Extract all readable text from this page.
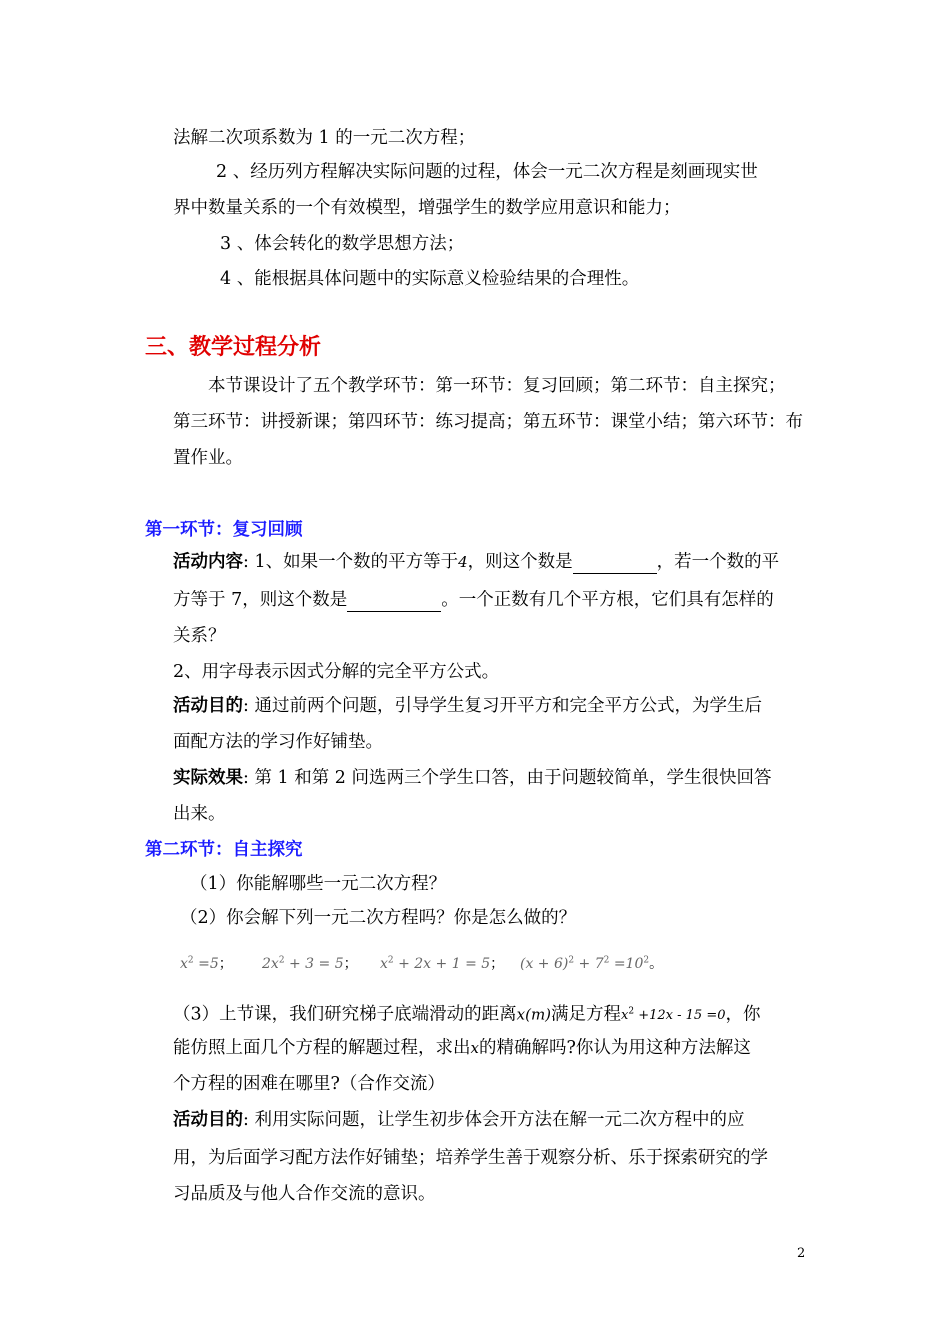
法解二次项系数为 1 的一元二次方程；
2 、经历列方程解决实际问题的过程，体会一元二次方程是刻画现实世
界中数量关系的一个有效模型，增强学生的数学应用意识和能力；
3 、体会转化的数学思想方法；
4 、能根据具体问题中的实际意义检验结果的合理性。
三、教学过程分析
本节课设计了五个教学环节：第一环节：复习回顾；第二环节：自主探究；
第三环节：讲授新课；第四环节：练习提高；第五环节：课堂小结；第六环节：布
置作业。
第一环节：复习回顾
活动内容: 1、如果一个数的平方等于4，则这个数是	，若一个数的平
方等于 7，则这个数是	。一个正数有几个平方根，它们具有怎样的
关系？
2、用字母表示因式分解的完全平方公式。
活动目的: 通过前两个问题，引导学生复习开平方和完全平方公式，为学生后
面配方法的学习作好铺垫。
实际效果: 第 1 和第 2 问选两三个学生口答，由于问题较简单，学生很快回答
出来。
第二环节：自主探究
（1）你能解哪些一元二次方程？
（2）你会解下列一元二次方程吗？你是怎么做的？
$x^2 =5$； $2x^2 + 3 = 5$； $x^2 + 2x + 1 = 5$； $(x + 6)^2 + 7^2 =10^2$。
（3）上节课，我们研究梯子底端滑动的距离x(m)满足方程$x^2 +12x - 15 =0$，你
能仿照上面几个方程的解题过程，求出x的精确解吗?你认为用这种方法解这
个方程的困难在哪里?（合作交流）
活动目的: 利用实际问题，让学生初步体会开方法在解一元二次方程中的应
用，为后面学习配方法作好铺垫；培养学生善于观察分析、乐于探索研究的学
习品质及与他人合作交流的意识。
2
